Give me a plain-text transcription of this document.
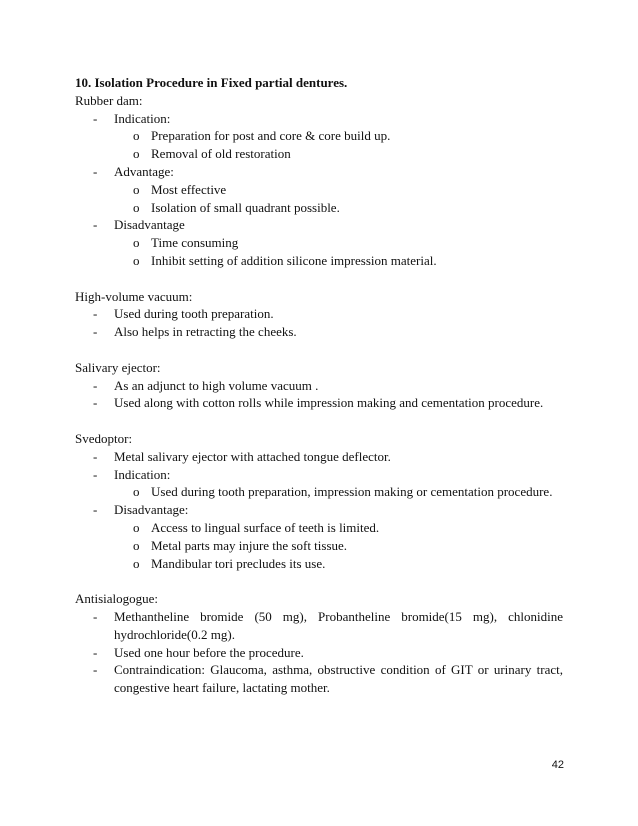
10. Isolation Procedure in Fixed partial dentures.

Rubber dam:

- Indication:
o Preparation for post and core & core build up.
o Removal of old restoration
- Advantage:
o Most effective
o Isolation of small quadrant possible.
- Disadvantage
o Time consuming
o Inhibit setting of addition silicone impression material.

High-volume vacuum:

- Used during tooth preparation.
- Also helps in retracting the cheeks.

Salivary ejector:

- As an adjunct to high volume vacuum .
- Used along with cotton rolls while impression making and cementation procedure.

Svedoptor:

- Metal salivary ejector with attached tongue deflector.
- Indication:
o Used during tooth preparation, impression making or cementation procedure.
- Disadvantage:
o Access to lingual surface of teeth is limited.
o Metal parts may injure the soft tissue.
o Mandibular tori precludes its use.

Antisialogogue:

- Methantheline bromide (50 mg), Probantheline bromide(15 mg), chlonidine hydrochloride(0.2 mg).
- Used one hour before the procedure.
- Contraindication: Glaucoma, asthma, obstructive condition of GIT or urinary tract, congestive heart failure, lactating mother.
42
